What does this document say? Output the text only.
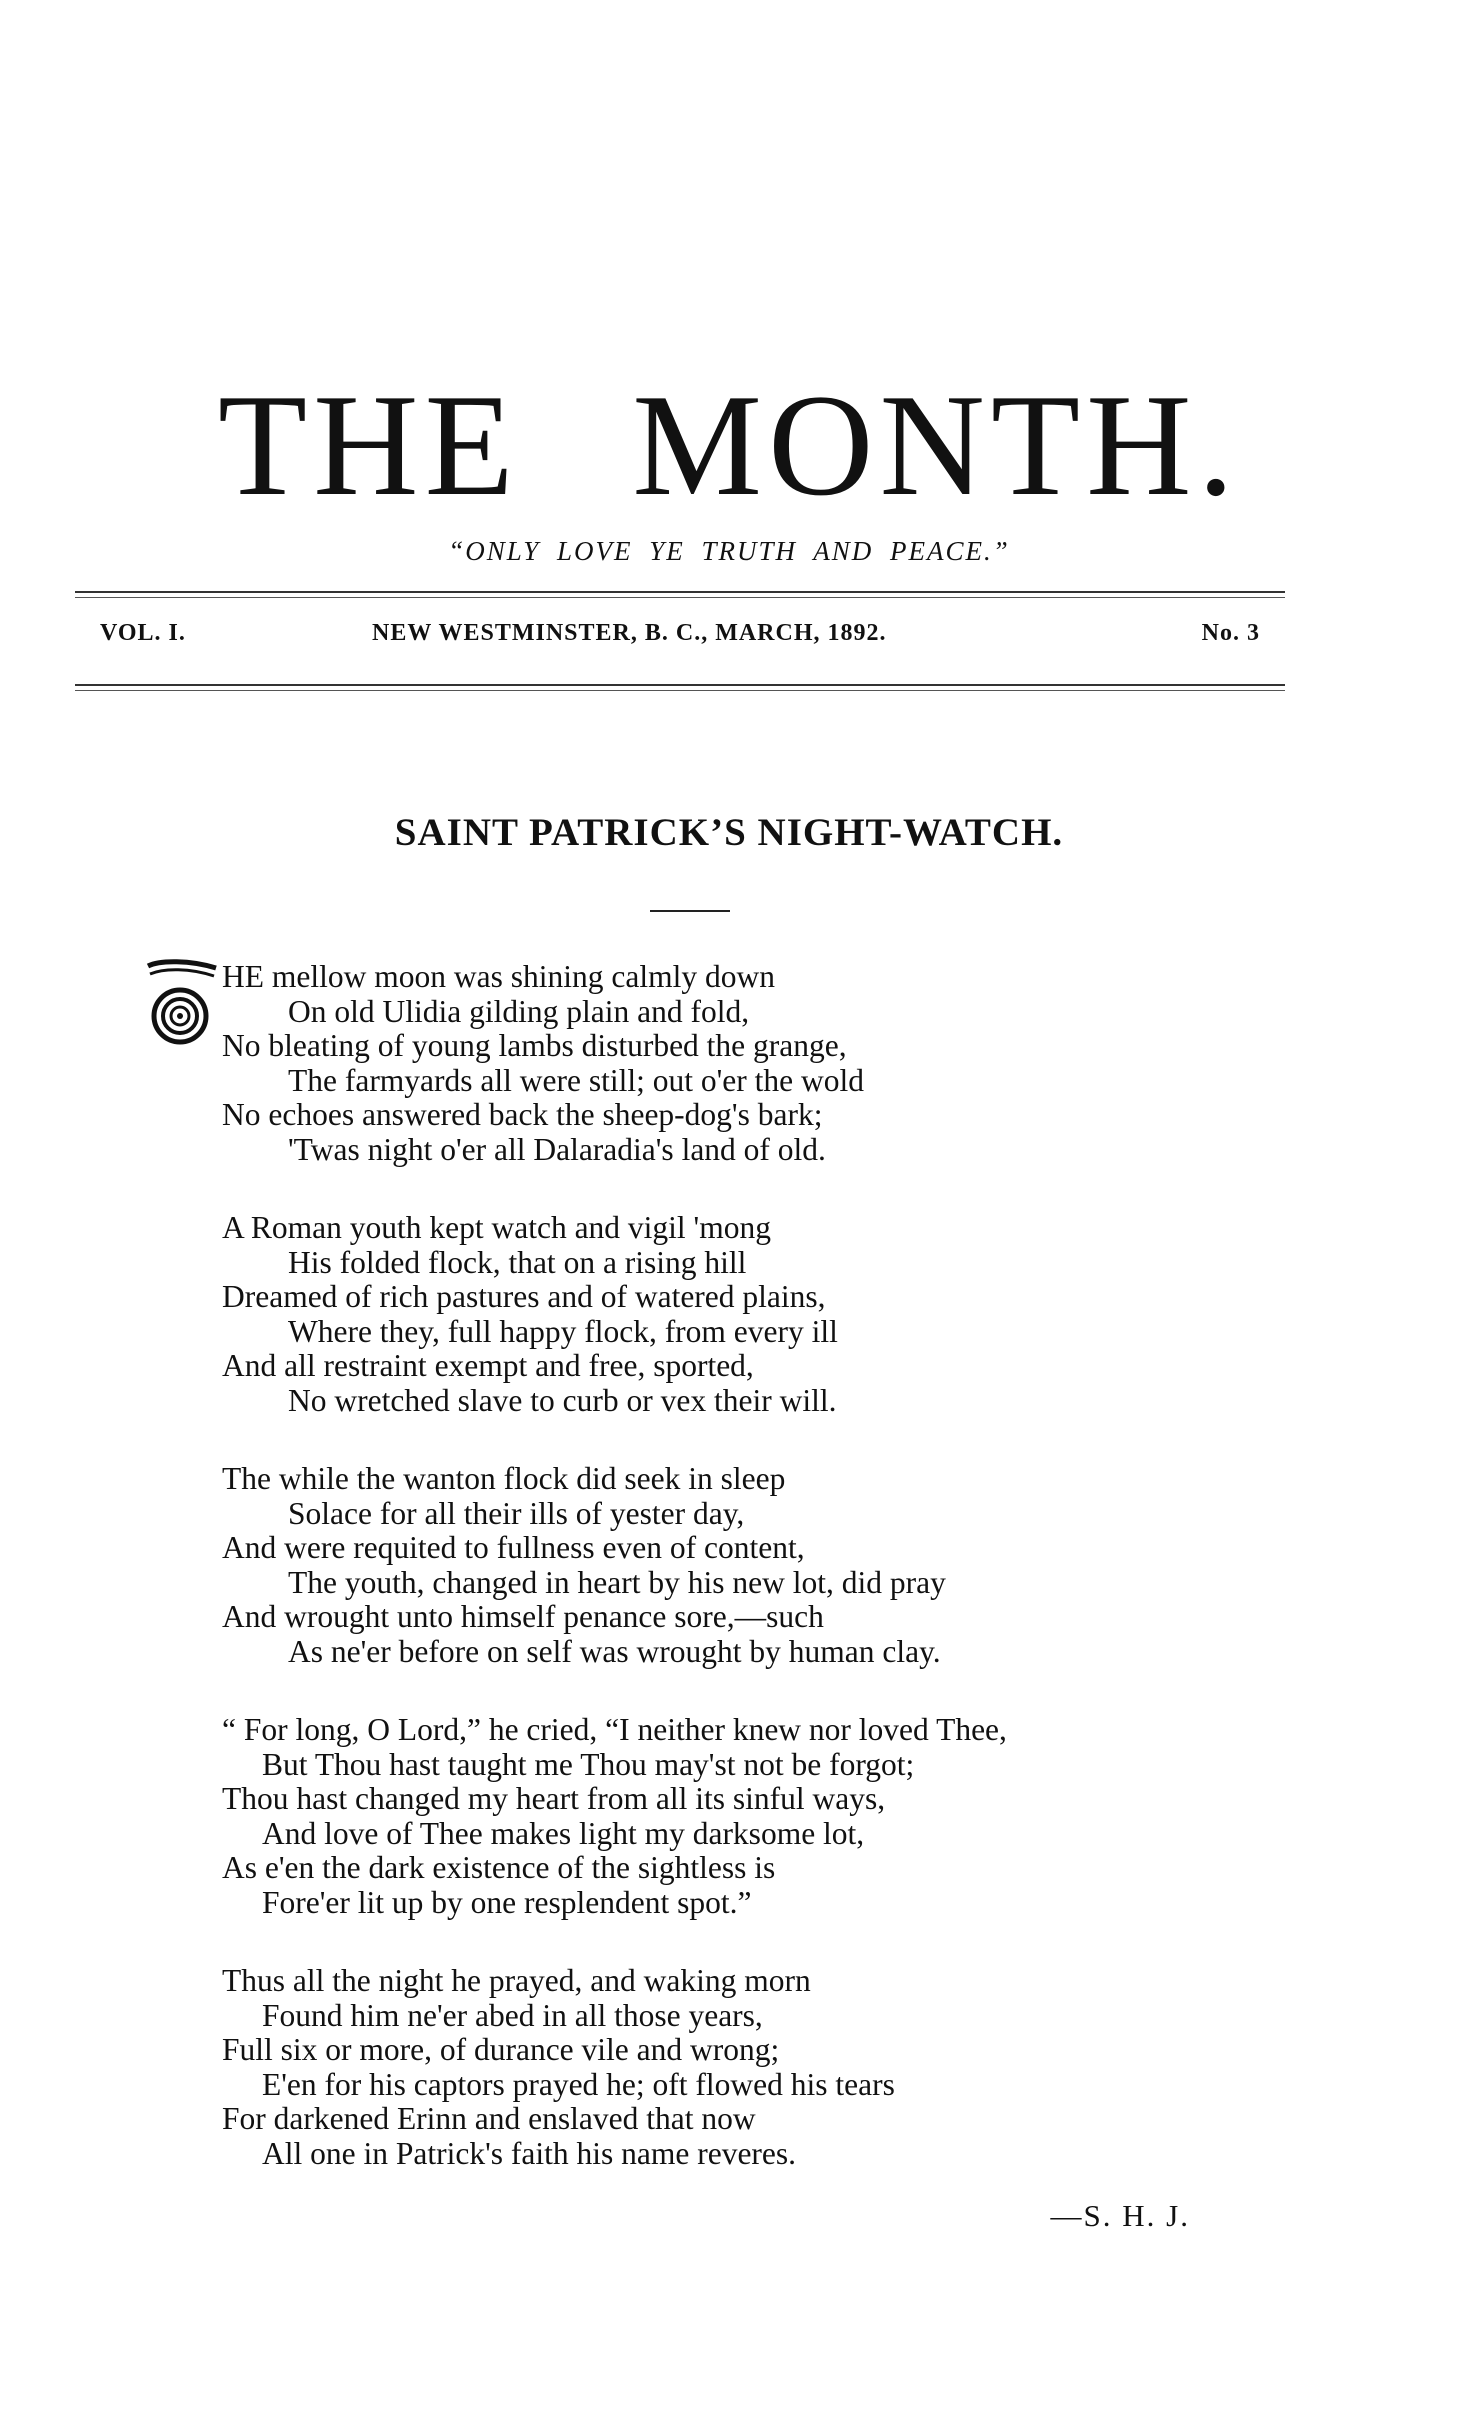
THE MONTH.
“ONLY LOVE YE TRUTH AND PEACE.”
VOL. I.	NEW WESTMINSTER, B. C., MARCH, 1892.	No. 3
SAINT PATRICK’S NIGHT-WATCH.
HE mellow moon was shining calmly down
On old Ulidia gilding plain and fold,
No bleating of young lambs disturbed the grange,
The farmyards all were still; out o'er the wold
No echoes answered back the sheep-dog's bark;
'Twas night o'er all Dalaradia's land of old.
A Roman youth kept watch and vigil 'mong
His folded flock, that on a rising hill
Dreamed of rich pastures and of watered plains,
Where they, full happy flock, from every ill
And all restraint exempt and free, sported,
No wretched slave to curb or vex their will.
The while the wanton flock did seek in sleep
Solace for all their ills of yester day,
And were requited to fullness even of content,
The youth, changed in heart by his new lot, did pray
And wrought unto himself penance sore,—such
As ne'er before on self was wrought by human clay.
“ For long, O Lord,” he cried, “I neither knew nor loved Thee,
But Thou hast taught me Thou may'st not be forgot;
Thou hast changed my heart from all its sinful ways,
And love of Thee makes light my darksome lot,
As e'en the dark existence of the sightless is
Fore'er lit up by one resplendent spot.”
Thus all the night he prayed, and waking morn
Found him ne'er abed in all those years,
Full six or more, of durance vile and wrong;
E'en for his captors prayed he; oft flowed his tears
For darkened Erinn and enslaved that now
All one in Patrick's faith his name reveres.
—S. H. J.
